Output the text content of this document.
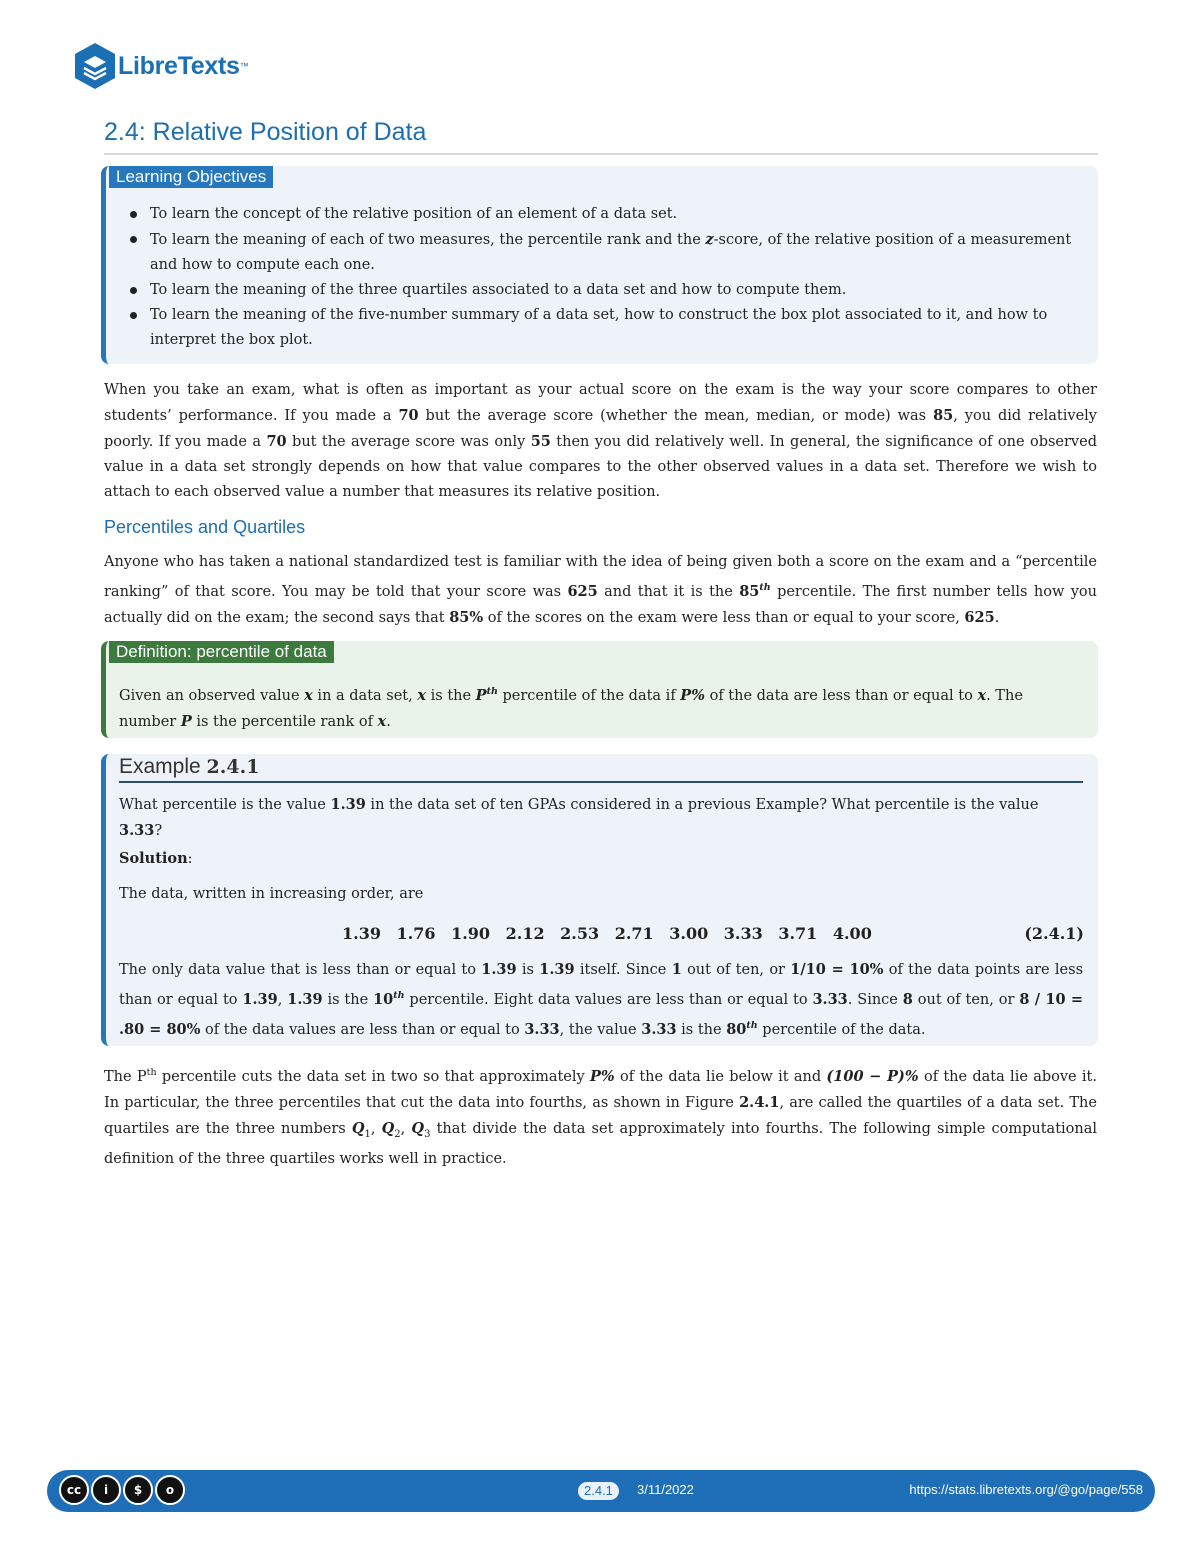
LibreTexts ™
2.4: Relative Position of Data
Learning Objectives
To learn the concept of the relative position of an element of a data set.
To learn the meaning of each of two measures, the percentile rank and the z-score, of the relative position of a measurement and how to compute each one.
To learn the meaning of the three quartiles associated to a data set and how to compute them.
To learn the meaning of the five-number summary of a data set, how to construct the box plot associated to it, and how to interpret the box plot.

When you take an exam, what is often as important as your actual score on the exam is the way your score compares to other students’ performance. If you made a 70 but the average score (whether the mean, median, or mode) was 85, you did relatively poorly. If you made a 70 but the average score was only 55 then you did relatively well. In general, the significance of one observed value in a data set strongly depends on how that value compares to the other observed values in a data set. Therefore we wish to attach to each observed value a number that measures its relative position.

Percentiles and Quartiles

Anyone who has taken a national standardized test is familiar with the idea of being given both a score on the exam and a “percentile ranking” of that score. You may be told that your score was 625 and that it is the 85th percentile. The first number tells how you actually did on the exam; the second says that 85% of the scores on the exam were less than or equal to your score, 625.

Definition: percentile of data
Given an observed value x in a data set, x is the $P^{th}$ percentile of the data if P% of the data are less than or equal to x. The number P is the percentile rank of x.
Example 2.4.1
What percentile is the value 1.39 in the data set of ten GPAs considered in a previous Example? What percentile is the value 3.33?
Solution:
The data, written in increasing order, are
1.39 1.76 1.90 2.12 2.53 2.71 3.00 3.33 3.71 4.00	(2.4.1)
The only data value that is less than or equal to 1.39 is 1.39 itself. Since 1 out of ten, or 1/10 = 10% of the data points are less than or equal to 1.39, 1.39 is the 10th percentile. Eight data values are less than or equal to 3.33. Since 8 out of ten, or 8 / 10 = .80 = 80% of the data values are less than or equal to 3.33, the value 3.33 is the 80th percentile of the data.

The $P^{th}$ percentile cuts the data set in two so that approximately P% of the data lie below it and (100 − P)% of the data lie above it. In particular, the three percentiles that cut the data into fourths, as shown in Figure 2.4.1, are called the quartiles of a data set. The quartiles are the three numbers $Q_1$, $Q_2$, $Q_3$ that divide the data set approximately into fourths. The following simple computational definition of the three quartiles works well in practice.

cc	i	$	o	2.4.1	3/11/2022	https://stats.libretexts.org/@go/page/558
